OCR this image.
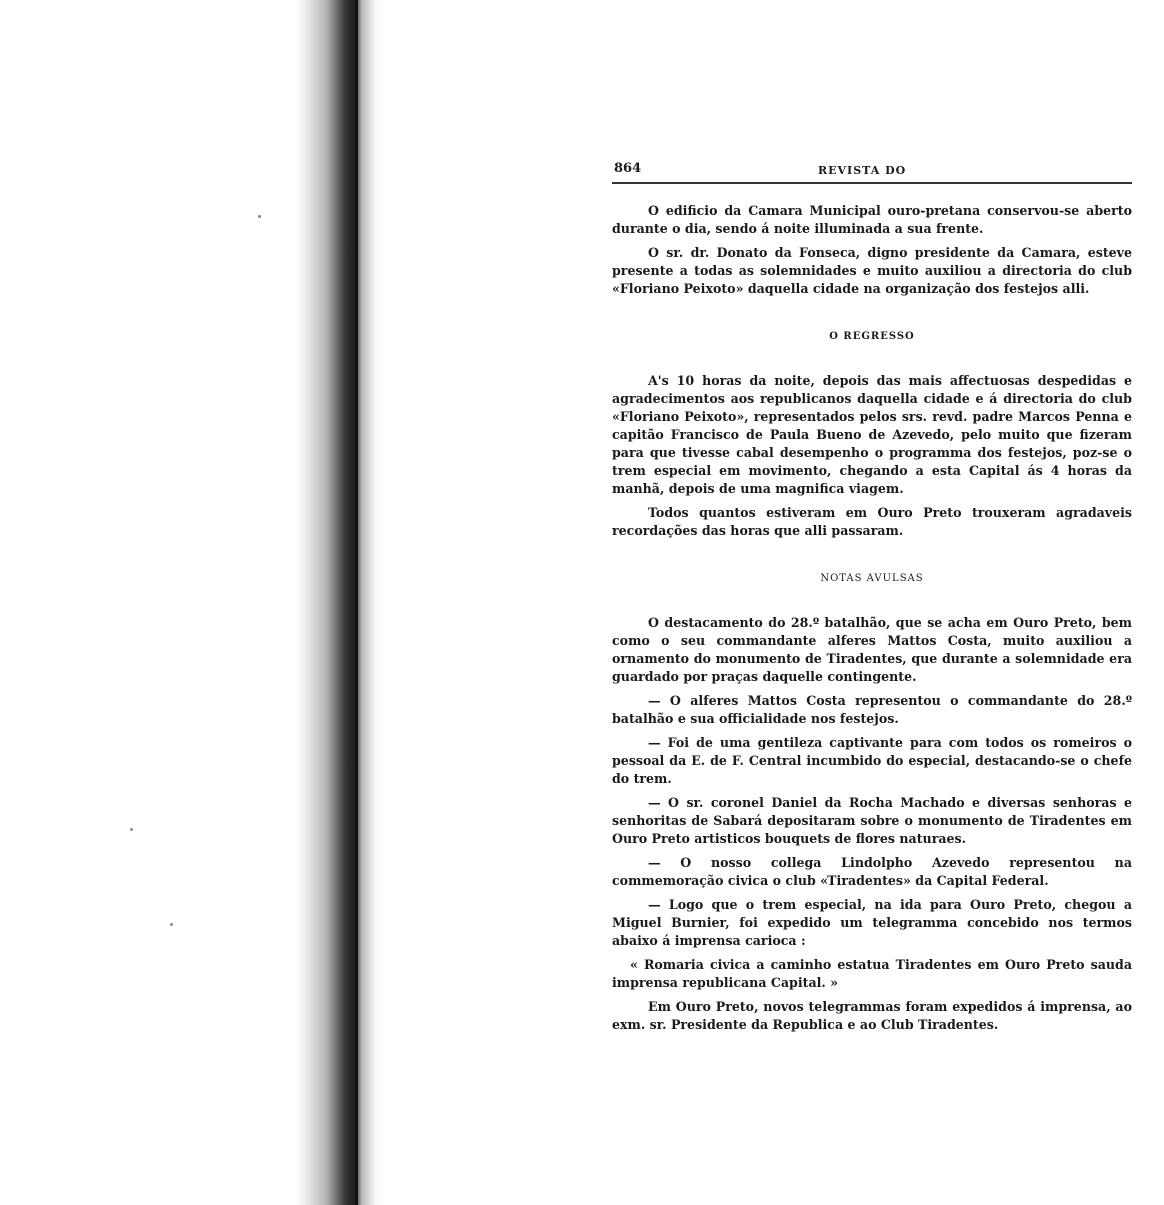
864	REVISTA DO

O edificio da Camara Municipal ouro-pretana conservou-se aberto durante o dia, sendo á noite illuminada a sua frente.

O sr. dr. Donato da Fonseca, digno presidente da Camara, esteve presente a todas as solemnidades e muito auxiliou a directoria do club «Floriano Peixoto» daquella cidade na organização dos festejos alli.

O REGRESSO

A's 10 horas da noite, depois das mais affectuosas despedidas e agradecimentos aos republicanos daquella cidade e á directoria do club «Floriano Peixoto», representados pelos srs. revd. padre Marcos Penna e capitão Francisco de Paula Bueno de Azevedo, pelo muito que fizeram para que tivesse cabal desempenho o programma dos festejos, poz-se o trem especial em movimento, chegando a esta Capital ás 4 horas da manhã, depois de uma magnifica viagem.

Todos quantos estiveram em Ouro Preto trouxeram agradaveis recordações das horas que alli passaram.

NOTAS AVULSAS

O destacamento do 28.º batalhão, que se acha em Ouro Preto, bem como o seu commandante alferes Mattos Costa, muito auxiliou a ornamento do monumento de Tiradentes, que durante a solemnidade era guardado por praças daquelle contingente.

— O alferes Mattos Costa representou o commandante do 28.º batalhão e sua officialidade nos festejos.

— Foi de uma gentileza captivante para com todos os romeiros o pessoal da E. de F. Central incumbido do especial, destacando-se o chefe do trem.

— O sr. coronel Daniel da Rocha Machado e diversas senhoras e senhoritas de Sabará depositaram sobre o monumento de Tiradentes em Ouro Preto artisticos bouquets de flores naturaes.

— O nosso collega Lindolpho Azevedo representou na commemoração civica o club «Tiradentes» da Capital Federal.

— Logo que o trem especial, na ida para Ouro Preto, chegou a Miguel Burnier, foi expedido um telegramma concebido nos termos abaixo á imprensa carioca :

« Romaria civica a caminho estatua Tiradentes em Ouro Preto sauda imprensa republicana Capital. »

Em Ouro Preto, novos telegrammas foram expedidos á imprensa, ao exm. sr. Presidente da Republica e ao Club Tiradentes.
